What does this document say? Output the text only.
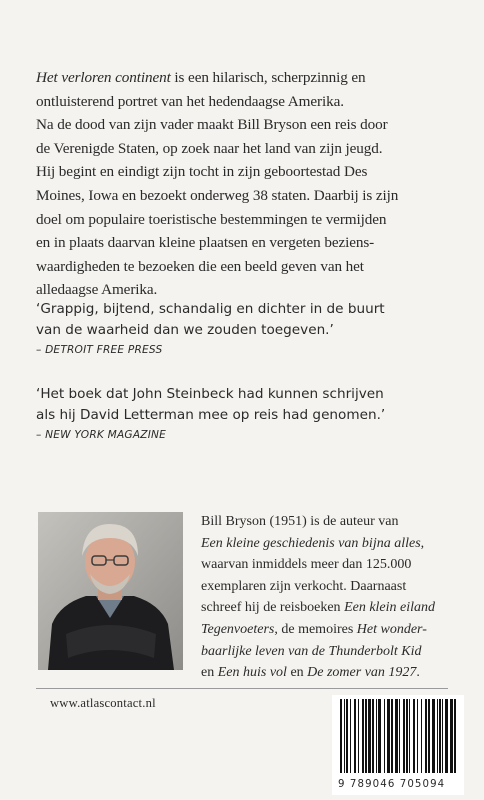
Het verloren continent is een hilarisch, scherpzinnig en
ontluisterend portret van het hedendaagse Amerika.
Na de dood van zijn vader maakt Bill Bryson een reis door
de Verenigde Staten, op zoek naar het land van zijn jeugd.
Hij begint en eindigt zijn tocht in zijn geboortestad Des
Moines, Iowa en bezoekt onderweg 38 staten. Daarbij is zijn
doel om populaire toeristische bestemmingen te vermijden
en in plaats daarvan kleine plaatsen en vergeten beziens-
waardigheden te bezoeken die een beeld geven van het
alledaagse Amerika.
‘Grappig, bijtend, schandalig en dichter in de buurt
van de waarheid dan we zouden toegeven.’
– DETROIT FREE PRESS
‘Het boek dat John Steinbeck had kunnen schrijven
als hij David Letterman mee op reis had genomen.’
– NEW YORK MAGAZINE
Bill Bryson (1951) is de auteur van
Een kleine geschiedenis van bijna alles,
waarvan inmiddels meer dan 125.000
exemplaren zijn verkocht. Daarnaast
schreef hij de reisboeken Een klein eiland
Tegenvoeters, de memoires Het wonder-
baarlijke leven van de Thunderbolt Kid
en Een huis vol en De zomer van 1927.
www.atlascontact.nl
9 789046 705094
